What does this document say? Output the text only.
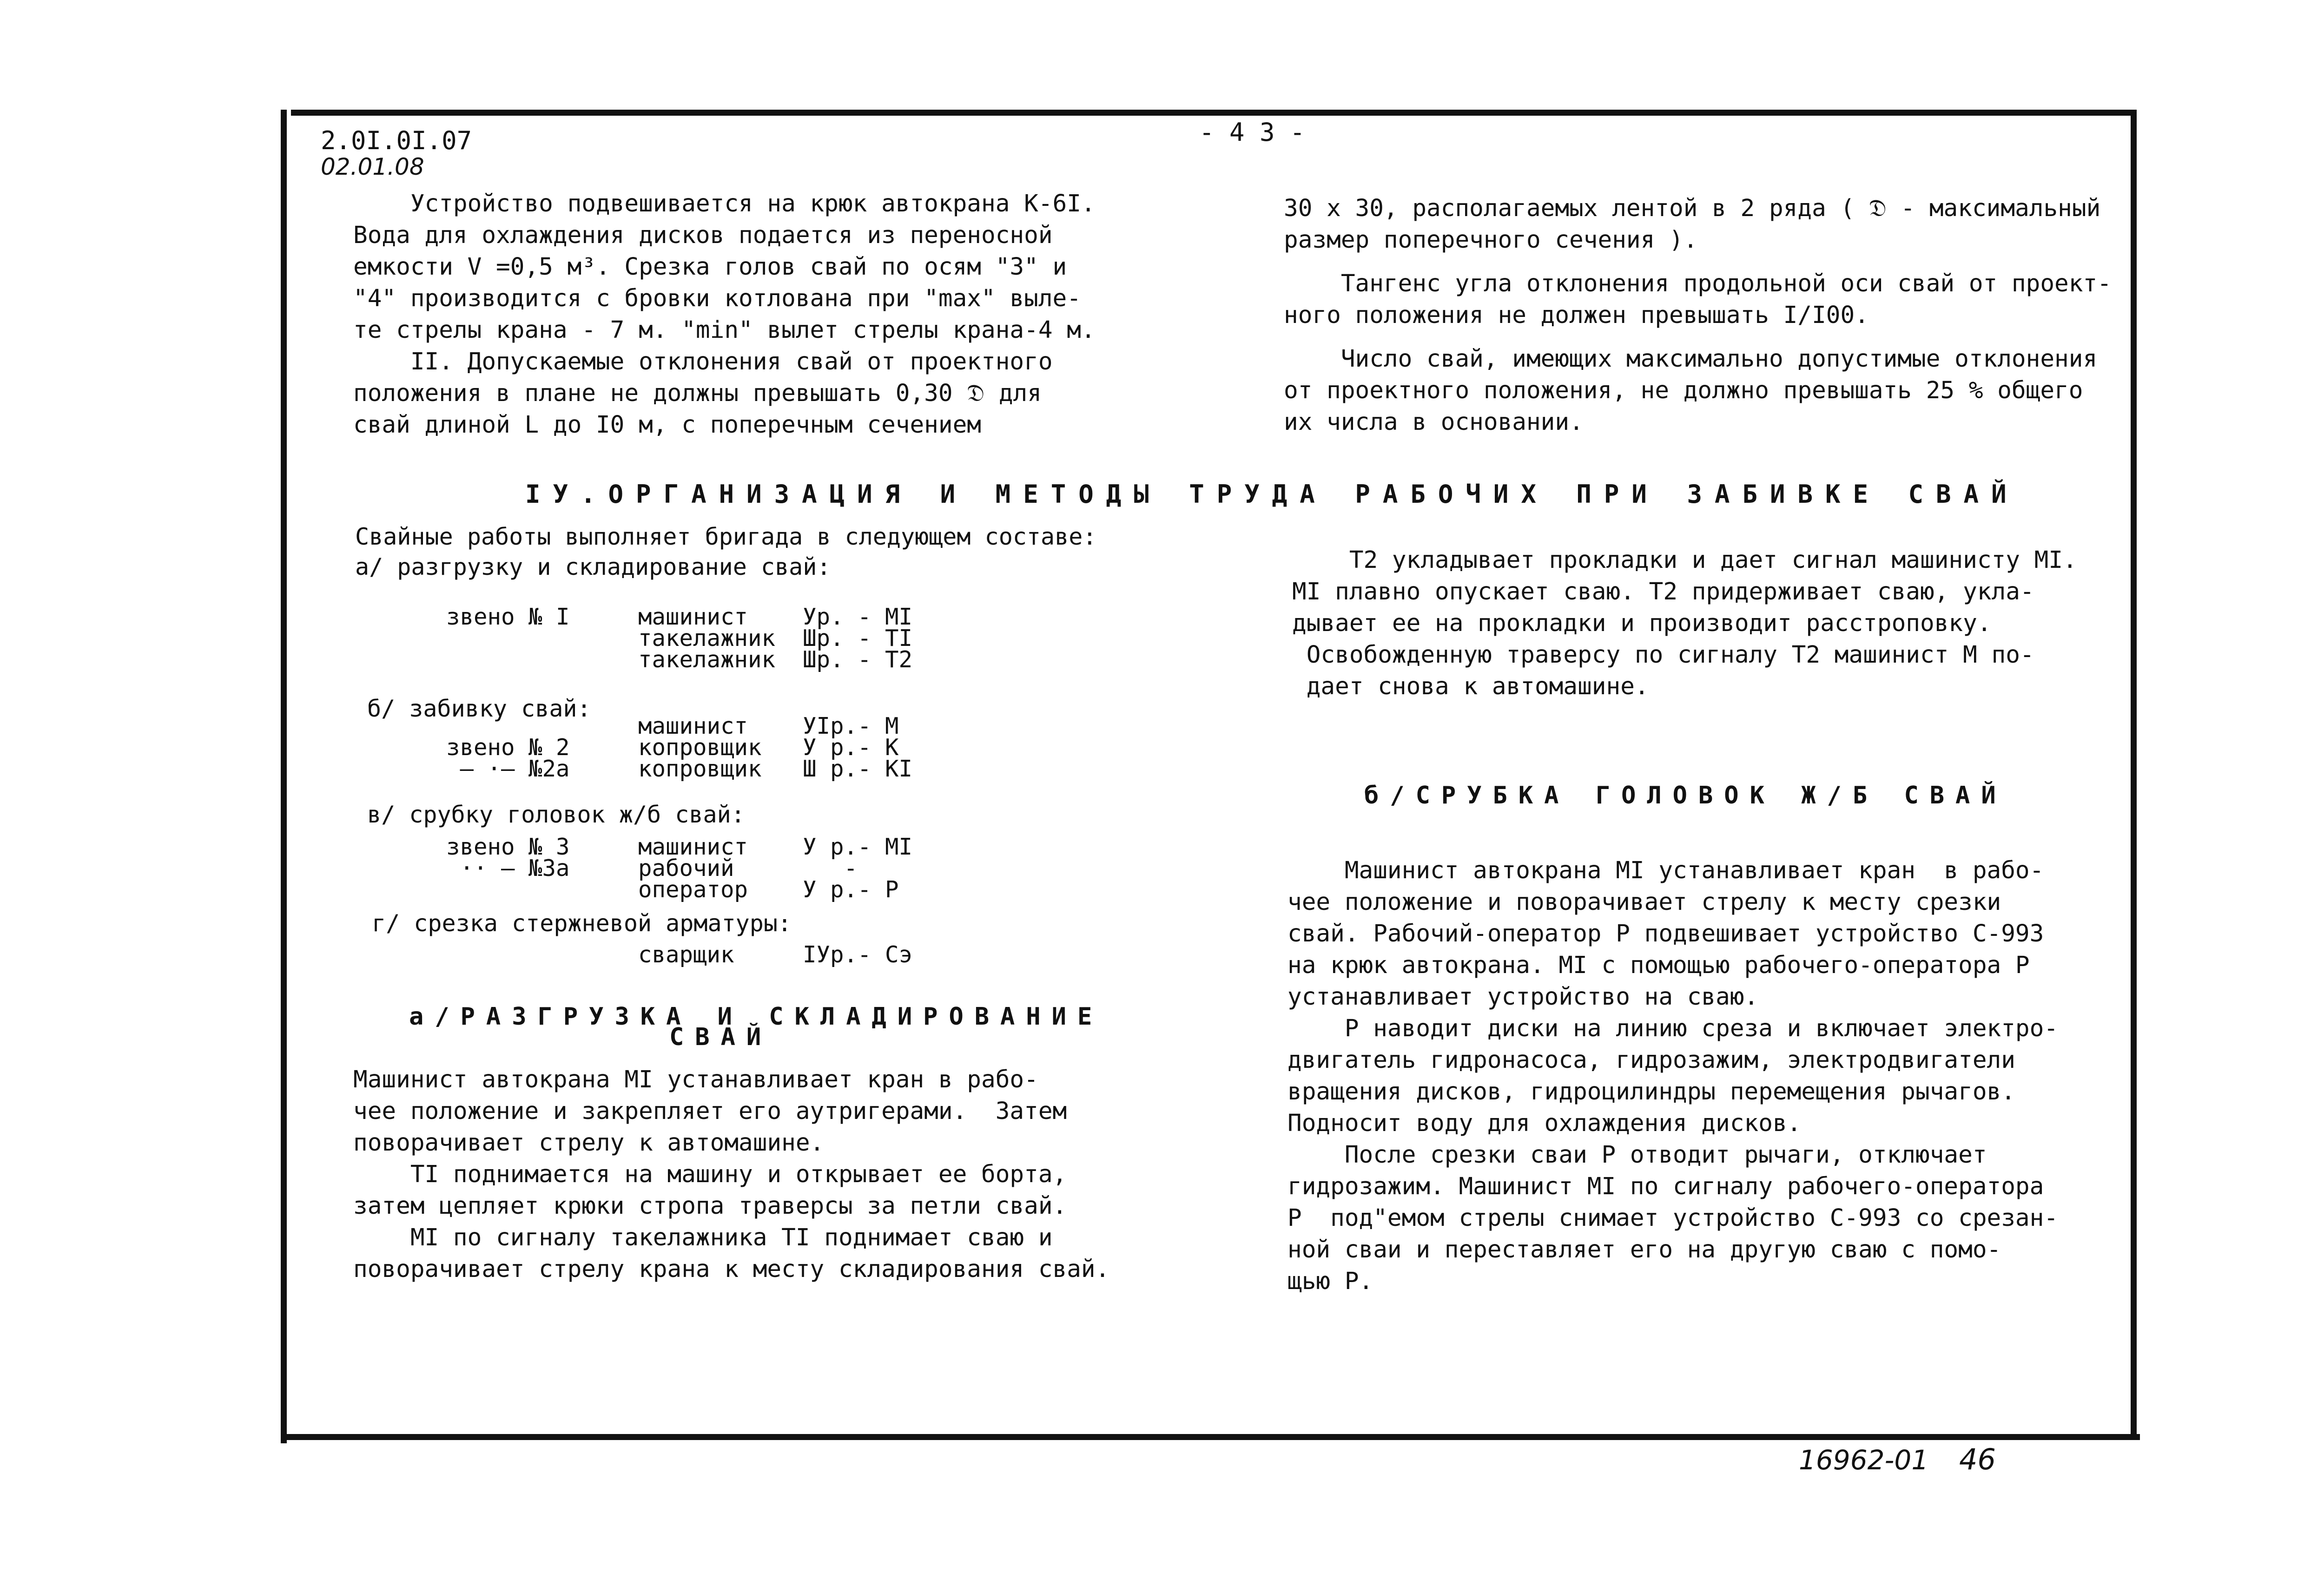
2.0I.0I.07
02.01.08
- 4 3 -
Устройство подвешивается на крюк автокрана К-6I.
Вода для охлаждения дисков подается из переносной
емкости V =0,5 м³. Срезка голов свай по осям "3" и
"4" производится с бровки котлована при "max" выле-
те стрелы крана - 7 м. "min" вылет стрелы крана-4 м.
II. Допускаемые отклонения свай от проектного
положения в плане не должны превышать 0,30 𝔇 для
свай длиной L до I0 м, с поперечным сечением
30 х 30, располагаемых лентой в 2 ряда ( 𝔇 - максимальный
размер поперечного сечения ).
Тангенс угла отклонения продольной оси свай от проект-
ного положения не должен превышать I/I00.
Число свай, имеющих максимально допустимые отклонения
от проектного положения, не должно превышать 25 % общего
их числа в основании.
IУ.ОРГАНИЗАЦИЯ И МЕТОДЫ ТРУДА РАБОЧИХ ПРИ ЗАБИВКЕ СВАЙ
Свайные работы выполняет бригада в следующем составе:
а/ разгрузку и складирование свай:
звено № I     машинист    Ур. - МI
такелажник  Шр. - ТI
такелажник  Шр. - Т2
б/ забивку свай:
машинист    УIр.- М
звено № 2     копровщик   У р.- К
— ·— №2а     копровщик   Ш р.- КI
в/ срубку головок ж/б свай:
звено № 3     машинист    У р.- МI
·· — №3а     рабочий        -
оператор    У р.- Р
г/ срезка стержневой арматуры:
сварщик     IУр.- Сэ
а/РАЗГРУЗКА И СКЛАДИРОВАНИЕ
СВАЙ
Машинист автокрана МI устанавливает кран в рабо-
чее положение и закрепляет его аутригерами.  Затем
поворачивает стрелу к автомашине.
ТI поднимается на машину и открывает ее борта,
затем цепляет крюки стропа траверсы за петли свай.
МI по сигналу такелажника ТI поднимает сваю и
поворачивает стрелу крана к месту складирования свай.
Т2 укладывает прокладки и дает сигнал машинисту МI.
МI плавно опускает сваю. Т2 придерживает сваю, укла-
дывает ее на прокладки и производит расстроповку.
Освобожденную траверсу по сигналу Т2 машинист М по-
дает снова к автомашине.
б/СРУБКА ГОЛОВОК Ж/Б СВАЙ
Машинист автокрана МI устанавливает кран  в рабо-
чее положение и поворачивает стрелу к месту срезки
свай. Рабочий-оператор Р подвешивает устройство С-993
на крюк автокрана. МI с помощью рабочего-оператора Р
устанавливает устройство на сваю.
Р наводит диски на линию среза и включает электро-
двигатель гидронасоса, гидрозажим, электродвигатели
вращения дисков, гидроцилиндры перемещения рычагов.
Подносит воду для охлаждения дисков.
После срезки сваи Р отводит рычаги, отключает
гидрозажим. Машинист МI по сигналу рабочего-оператора
Р  под"емом стрелы снимает устройство С-993 со срезан-
ной сваи и переставляет его на другую сваю с помо-
щью Р.
16962-01 46
